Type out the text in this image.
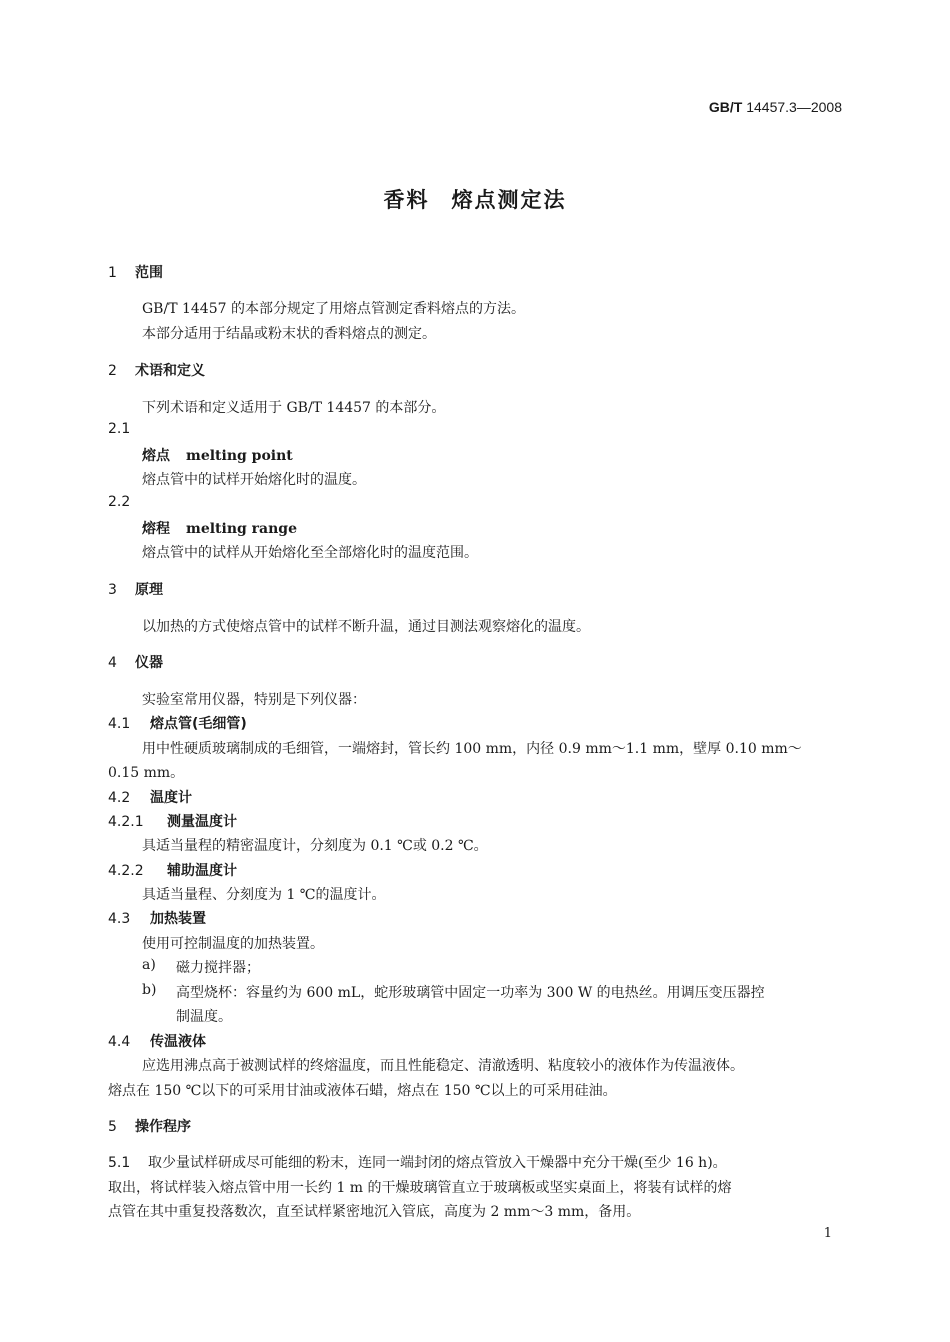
GB/T 14457.3—2008
香料 熔点测定法
1 范围
GB/T 14457 的本部分规定了用熔点管测定香料熔点的方法。
本部分适用于结晶或粉末状的香料熔点的测定。
2 术语和定义
下列术语和定义适用于 GB/T 14457 的本部分。
2.1
熔点 melting point
熔点管中的试样开始熔化时的温度。
2.2
熔程 melting range
熔点管中的试样从开始熔化至全部熔化时的温度范围。
3 原理
以加热的方式使熔点管中的试样不断升温，通过目测法观察熔化的温度。
4 仪器
实验室常用仪器，特别是下列仪器：
4.1 熔点管(毛细管)
用中性硬质玻璃制成的毛细管，一端熔封，管长约 100 mm，内径 0.9 mm～1.1 mm，壁厚 0.10 mm～
0.15 mm。
4.2 温度计
4.2.1 测量温度计
具适当量程的精密温度计，分刻度为 0.1 ℃或 0.2 ℃。
4.2.2 辅助温度计
具适当量程、分刻度为 1 ℃的温度计。
4.3 加热装置
使用可控制温度的加热装置。
a) 磁力搅拌器；
b) 高型烧杯：容量约为 600 mL，蛇形玻璃管中固定一功率为 300 W 的电热丝。用调压变压器控
制温度。
4.4 传温液体
应选用沸点高于被测试样的终熔温度，而且性能稳定、清澈透明、粘度较小的液体作为传温液体。
熔点在 150 ℃以下的可采用甘油或液体石蜡，熔点在 150 ℃以上的可采用硅油。
5 操作程序
5.1 取少量试样研成尽可能细的粉末，连同一端封闭的熔点管放入干燥器中充分干燥(至少 16 h)。
取出，将试样装入熔点管中用一长约 1 m 的干燥玻璃管直立于玻璃板或坚实桌面上，将装有试样的熔
点管在其中重复投落数次，直至试样紧密地沉入管底，高度为 2 mm～3 mm，备用。
1
